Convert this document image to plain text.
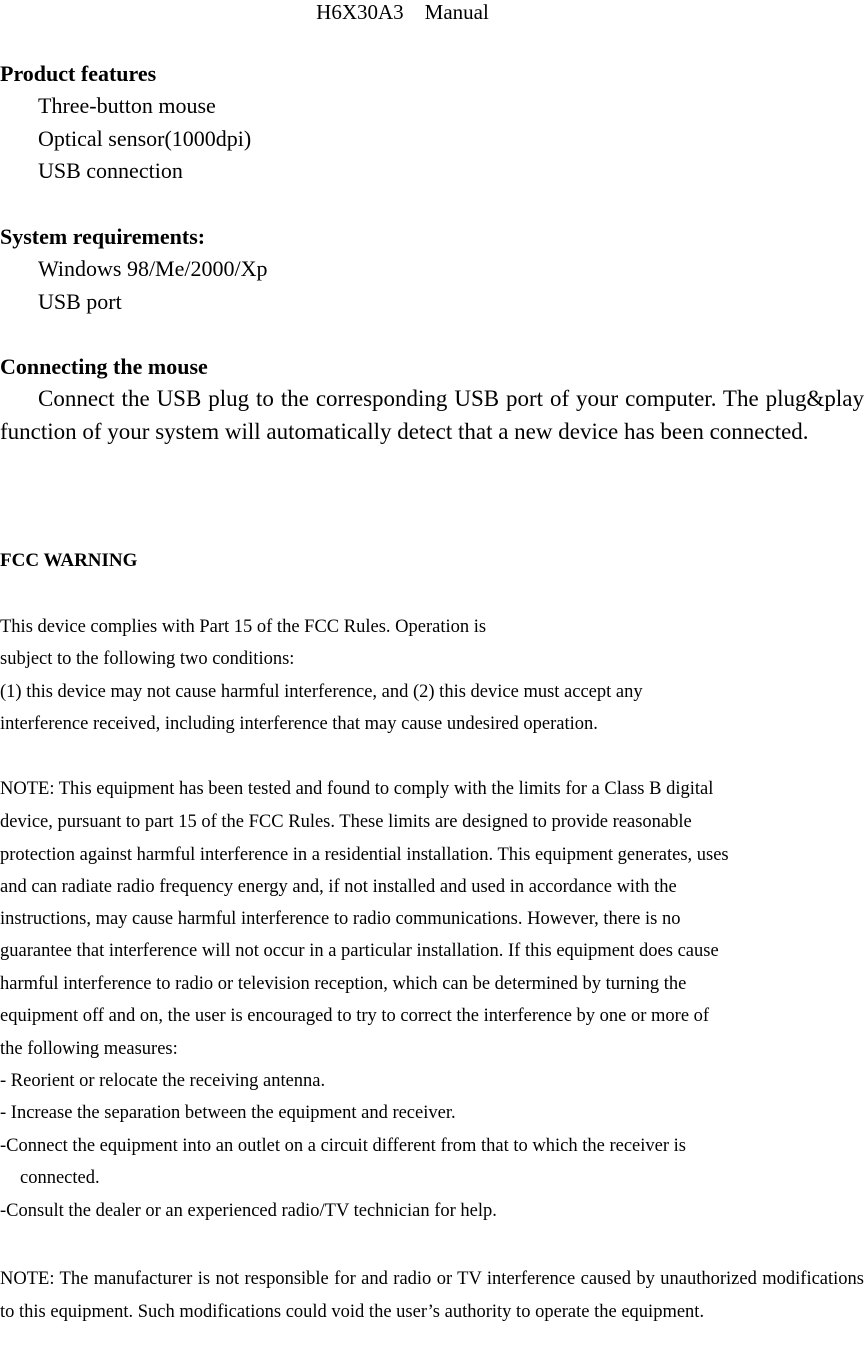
H6X30A3    Manual
Product features
Three-button mouse
Optical sensor(1000dpi)
USB connection
System requirements:
Windows 98/Me/2000/Xp
USB port
Connecting the mouse
Connect the USB plug to the corresponding USB port of your computer. The plug&play function of your system will automatically detect that a new device has been connected.
FCC WARNING
This device complies with Part 15 of the FCC Rules. Operation is
subject to the following two conditions:
(1) this device may not cause harmful interference, and (2) this device must accept any
interference received, including interference that may cause undesired operation.
NOTE: This equipment has been tested and found to comply with the limits for a Class B digital
device, pursuant to part 15 of the FCC Rules. These limits are designed to provide reasonable
protection against harmful interference in a residential installation. This equipment generates, uses
and can radiate radio frequency energy and, if not installed and used in accordance with the
instructions, may cause harmful interference to radio communications. However, there is no
guarantee that interference will not occur in a particular installation. If this equipment does cause
harmful interference to radio or television reception, which can be determined by turning the
equipment off and on, the user is encouraged to try to correct the interference by one or more of
the following measures:
- Reorient or relocate the receiving antenna.
- Increase the separation between the equipment and receiver.
-Connect the equipment into an outlet on a circuit different from that to which the receiver is
connected.
-Consult the dealer or an experienced radio/TV technician for help.
NOTE: The manufacturer is not responsible for and radio or TV interference caused by unauthorized modifications to this equipment. Such modifications could void the user’s authority to operate the equipment.
